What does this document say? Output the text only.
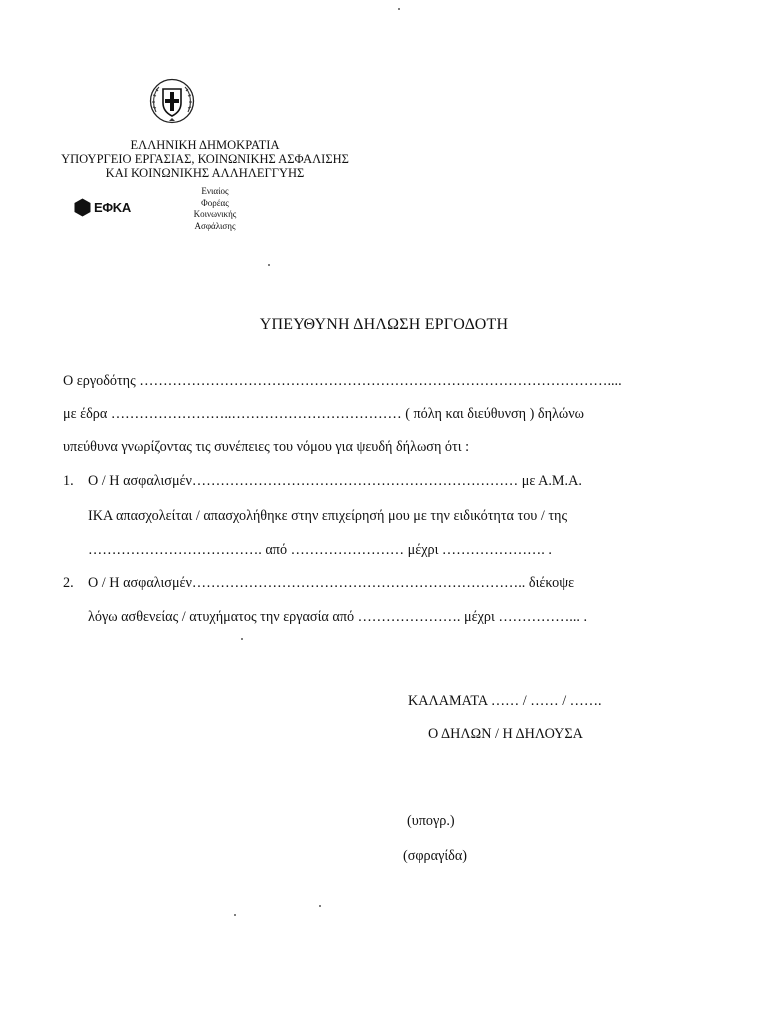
ΕΛΛΗΝΙΚΗ ΔΗΜΟΚΡΑΤΙΑ
ΥΠΟΥΡΓΕΙΟ ΕΡΓΑΣΙΑΣ, ΚΟΙΝΩΝΙΚΗΣ ΑΣΦΑΛΙΣΗΣ
ΚΑΙ ΚΟΙΝΩΝΙΚΗΣ ΑΛΛΗΛΕΓΓΥΗΣ
ΕΦΚΑ
Ενιαίος
Φορέας
Κοινωνικής
Ασφάλισης
ΥΠΕΥΘΥΝΗ ΔΗΛΩΣΗ ΕΡΓΟΔΟΤΗ
Ο εργοδότης ………………………………………………………………………………………....
με έδρα ……………………..……………………………… ( πόλη και διεύθυνση ) δηλώνω
υπεύθυνα γνωρίζοντας τις συνέπειες του νόμου για ψευδή δήλωση ότι :
1. Ο / Η ασφαλισμέν…………………………………………………………… με Α.Μ.Α.
ΙΚΑ απασχολείται / απασχολήθηκε στην επιχείρησή μου με την ειδικότητα του / της
………………………………. από …………………… μέχρι …………………. .
2. Ο / Η ασφαλισμέν…………………………………………………………….. διέκοψε
λόγω ασθενείας / ατυχήματος την εργασία από …………………. μέχρι ……………... .
ΚΑΛΑΜΑΤΑ …… / …… / …….
Ο ΔΗΛΩΝ / Η ΔΗΛΟΥΣΑ
(υπογρ.)
(σφραγίδα)
